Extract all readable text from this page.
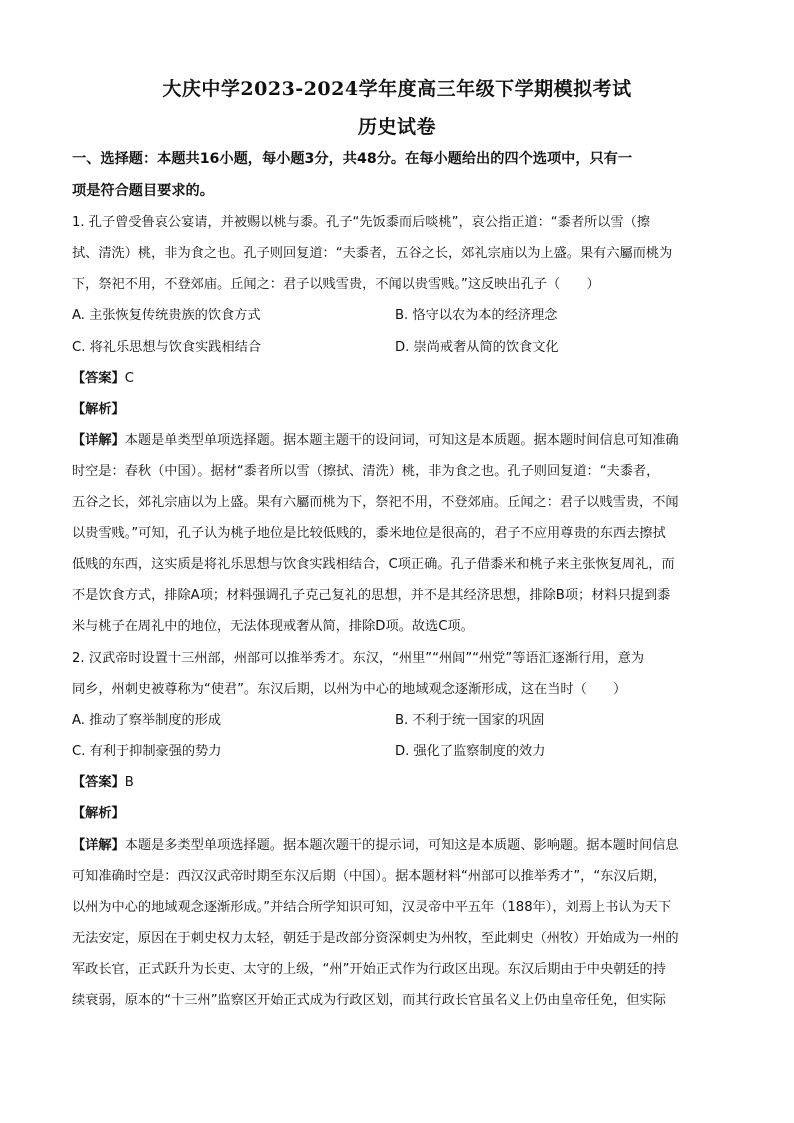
大庆中学2023-2024学年度高三年级下学期模拟考试
历史试卷
一、选择题：本题共16小题，每小题3分，共48分。在每小题给出的四个选项中，只有一
项是符合题目要求的。
1. 孔子曾受鲁哀公宴请，并被赐以桃与黍。孔子“先饭黍而后啖桃”，哀公指正道：“黍者所以雪（擦
拭、清洗）桃，非为食之也。孔子则回复道：“夫黍者，五谷之长，郊礼宗庙以为上盛。果有六屬而桃为
下，祭祀不用，不登郊庙。丘闻之：君子以贱雪贵，不闻以贵雪贱。”这反映出孔子（　　）
A. 主张恢复传统贵族的饮食方式	B. 恪守以农为本的经济理念
C. 将礼乐思想与饮食实践相结合	D. 崇尚戒奢从简的饮食文化
【答案】C
【解析】
【详解】本题是单类型单项选择题。据本题主题干的设问词，可知这是本质题。据本题时间信息可知准确
时空是：春秋（中国）。据材“黍者所以雪（擦拭、清洗）桃，非为食之也。孔子则回复道：“夫黍者，
五谷之长，郊礼宗庙以为上盛。果有六屬而桃为下，祭祀不用，不登郊庙。丘闻之：君子以贱雪贵，不闻
以贵雪贱。”可知，孔子认为桃子地位是比较低贱的，黍米地位是很高的，君子不应用尊贵的东西去擦拭
低贱的东西，这实质是将礼乐思想与饮食实践相结合，C项正确。孔子借黍米和桃子来主张恢复周礼，而
不是饮食方式，排除A项；材料强调孔子克己复礼的思想，并不是其经济思想，排除B项；材料只提到黍
米与桃子在周礼中的地位，无法体现戒奢从简，排除D项。故选C项。
2. 汉武帝时设置十三州部，州部可以推举秀才。东汉，“州里”“州闾”“州党”等语汇逐渐行用，意为
同乡，州刺史被尊称为“使君”。东汉后期，以州为中心的地域观念逐渐形成，这在当时（　　）
A. 推动了察举制度的形成	B. 不利于统一国家的巩固
C. 有利于抑制豪强的势力	D. 强化了监察制度的效力
【答案】B
【解析】
【详解】本题是多类型单项选择题。据本题次题干的提示词，可知这是本质题、影响题。据本题时间信息
可知准确时空是：西汉汉武帝时期至东汉后期（中国）。据本题材料“州部可以推举秀才”，“东汉后期，
以州为中心的地域观念逐渐形成。”并结合所学知识可知，汉灵帝中平五年（188年），刘焉上书认为天下
无法安定，原因在于刺史权力太轻，朝廷于是改部分资深刺史为州牧，至此刺史（州牧）开始成为一州的
军政长官，正式跃升为长吏、太守的上级，“州”开始正式作为行政区出现。东汉后期由于中央朝廷的持
续衰弱，原本的“十三州”监察区开始正式成为行政区划，而其行政长官虽名义上仍由皇帝任免，但实际
